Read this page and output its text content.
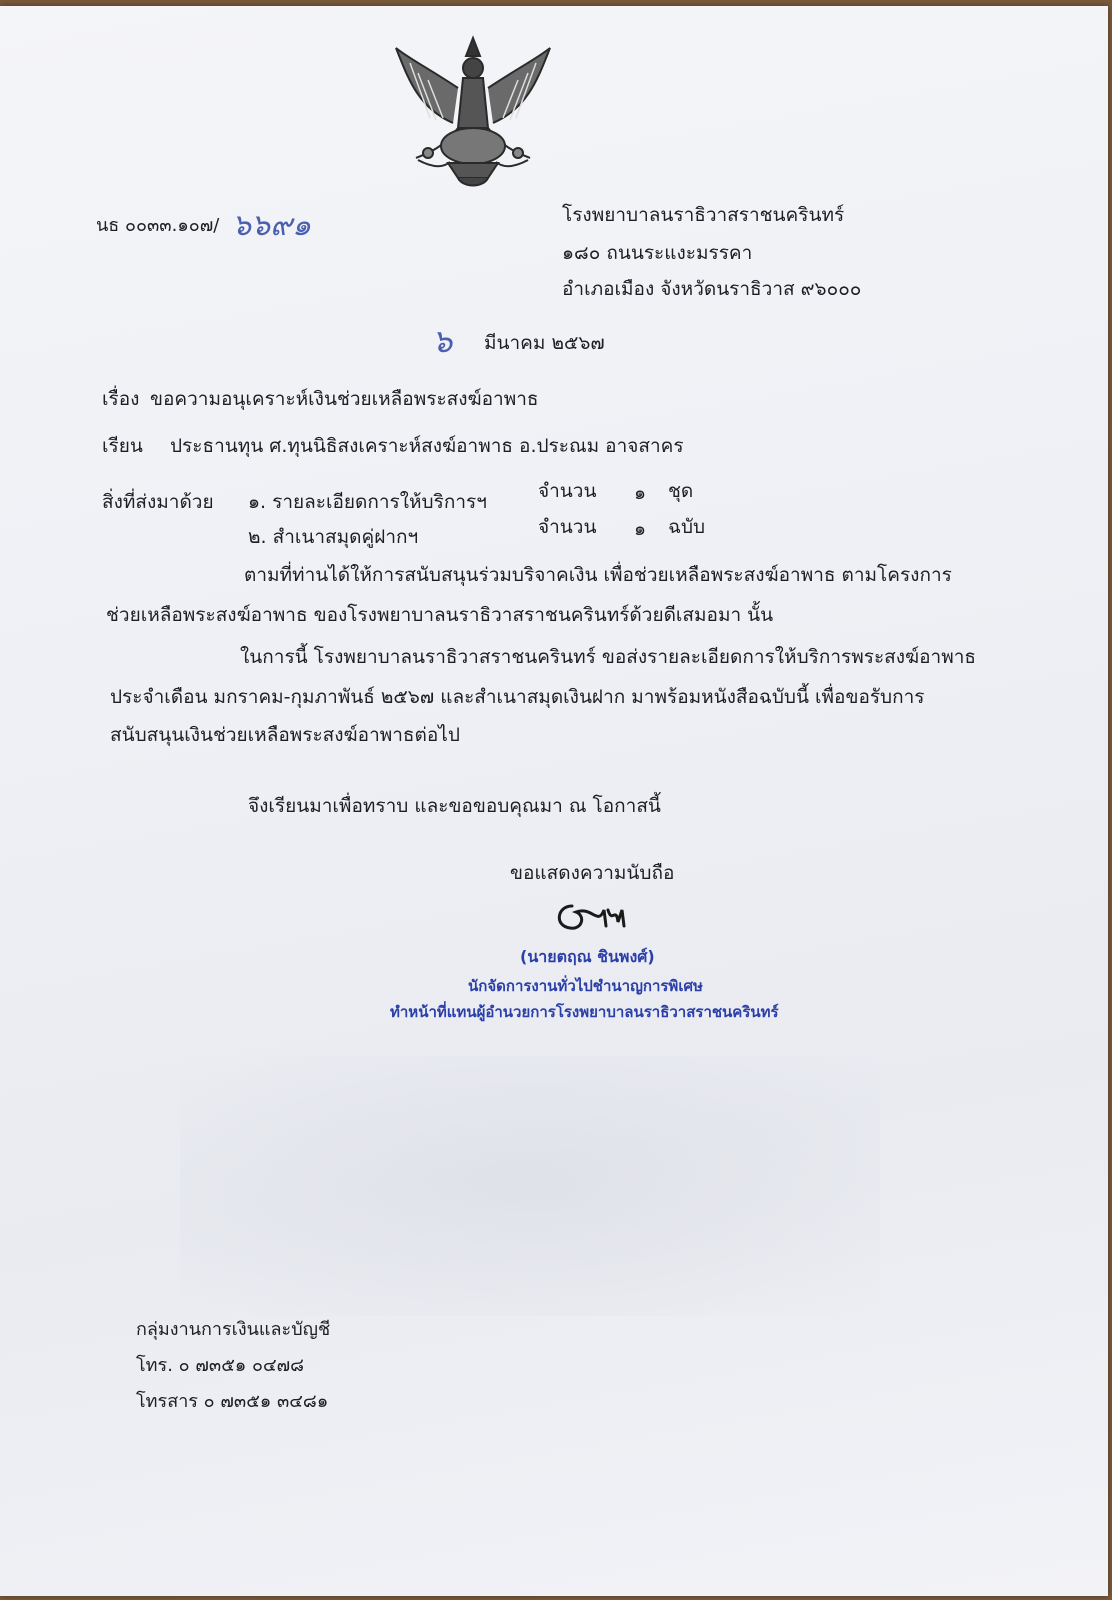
นธ ๐๐๓๓.๑๐๗/ ๖๖๙๑	โรงพยาบาลนราธิวาสราชนครินทร์
๑๘๐ ถนนระแงะมรรคา
อำเภอเมือง จังหวัดนราธิวาส ๙๖๐๐๐
๖ มีนาคม ๒๕๖๗
เรื่อง ขอความอนุเคราะห์เงินช่วยเหลือพระสงฆ์อาพาธ
เรียน ประธานทุน ศ.ทุนนิธิสงเคราะห์สงฆ์อาพาธ อ.ประณม อาจสาคร
สิ่งที่ส่งมาด้วย ๑. รายละเอียดการให้บริการฯ	จำนวน ๑ ชุด
๒. สำเนาสมุดคู่ฝากฯ	จำนวน ๑ ฉบับ
ตามที่ท่านได้ให้การสนับสนุนร่วมบริจาคเงิน เพื่อช่วยเหลือพระสงฆ์อาพาธ ตามโครงการ
ช่วยเหลือพระสงฆ์อาพาธ ของโรงพยาบาลนราธิวาสราชนครินทร์ด้วยดีเสมอมา นั้น
ในการนี้ โรงพยาบาลนราธิวาสราชนครินทร์ ขอส่งรายละเอียดการให้บริการพระสงฆ์อาพาธ
ประจำเดือน มกราคม-กุมภาพันธ์ ๒๕๖๗ และสำเนาสมุดเงินฝาก มาพร้อมหนังสือฉบับนี้ เพื่อขอรับการ
สนับสนุนเงินช่วยเหลือพระสงฆ์อาพาธต่อไป
จึงเรียนมาเพื่อทราบ และขอขอบคุณมา ณ โอกาสนี้
ขอแสดงความนับถือ
(นายตฤณ ชินพงศ์)
นักจัดการงานทั่วไปชำนาญการพิเศษ
ทำหน้าที่แทนผู้อำนวยการโรงพยาบาลนราธิวาสราชนครินทร์
กลุ่มงานการเงินและบัญชี
โทร. ๐ ๗๓๕๑ ๐๔๗๘
โทรสาร ๐ ๗๓๕๑ ๓๔๘๑
